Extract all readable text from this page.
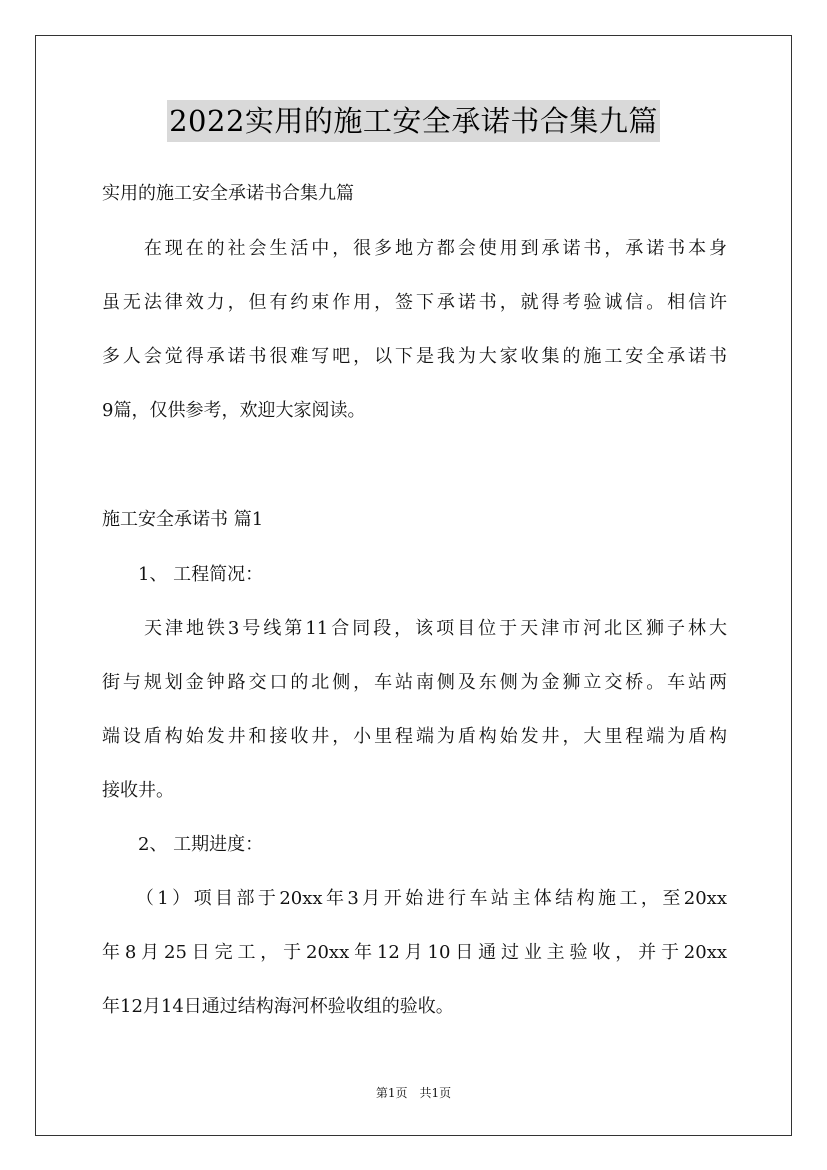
2022实用的施工安全承诺书合集九篇
实用的施工安全承诺书合集九篇
　　在现在的社会生活中，很多地方都会使用到承诺书，承诺书本身
虽无法律效力，但有约束作用，签下承诺书，就得考验诚信。相信许
多人会觉得承诺书很难写吧，以下是我为大家收集的施工安全承诺书
9篇，仅供参考，欢迎大家阅读。
施工安全承诺书 篇1
　　1、 工程简况：
　　天津地铁3号线第11合同段，该项目位于天津市河北区狮子林大
街与规划金钟路交口的北侧，车站南侧及东侧为金狮立交桥。车站两
端设盾构始发井和接收井，小里程端为盾构始发井，大里程端为盾构
接收井。
　　2、 工期进度：
　　（1）项目部于20xx年3月开始进行车站主体结构施工，至20xx
年8月25日完工，于20xx年12月10日通过业主验收，并于20xx
年12月14日通过结构海河杯验收组的验收。
第1页　共1页
